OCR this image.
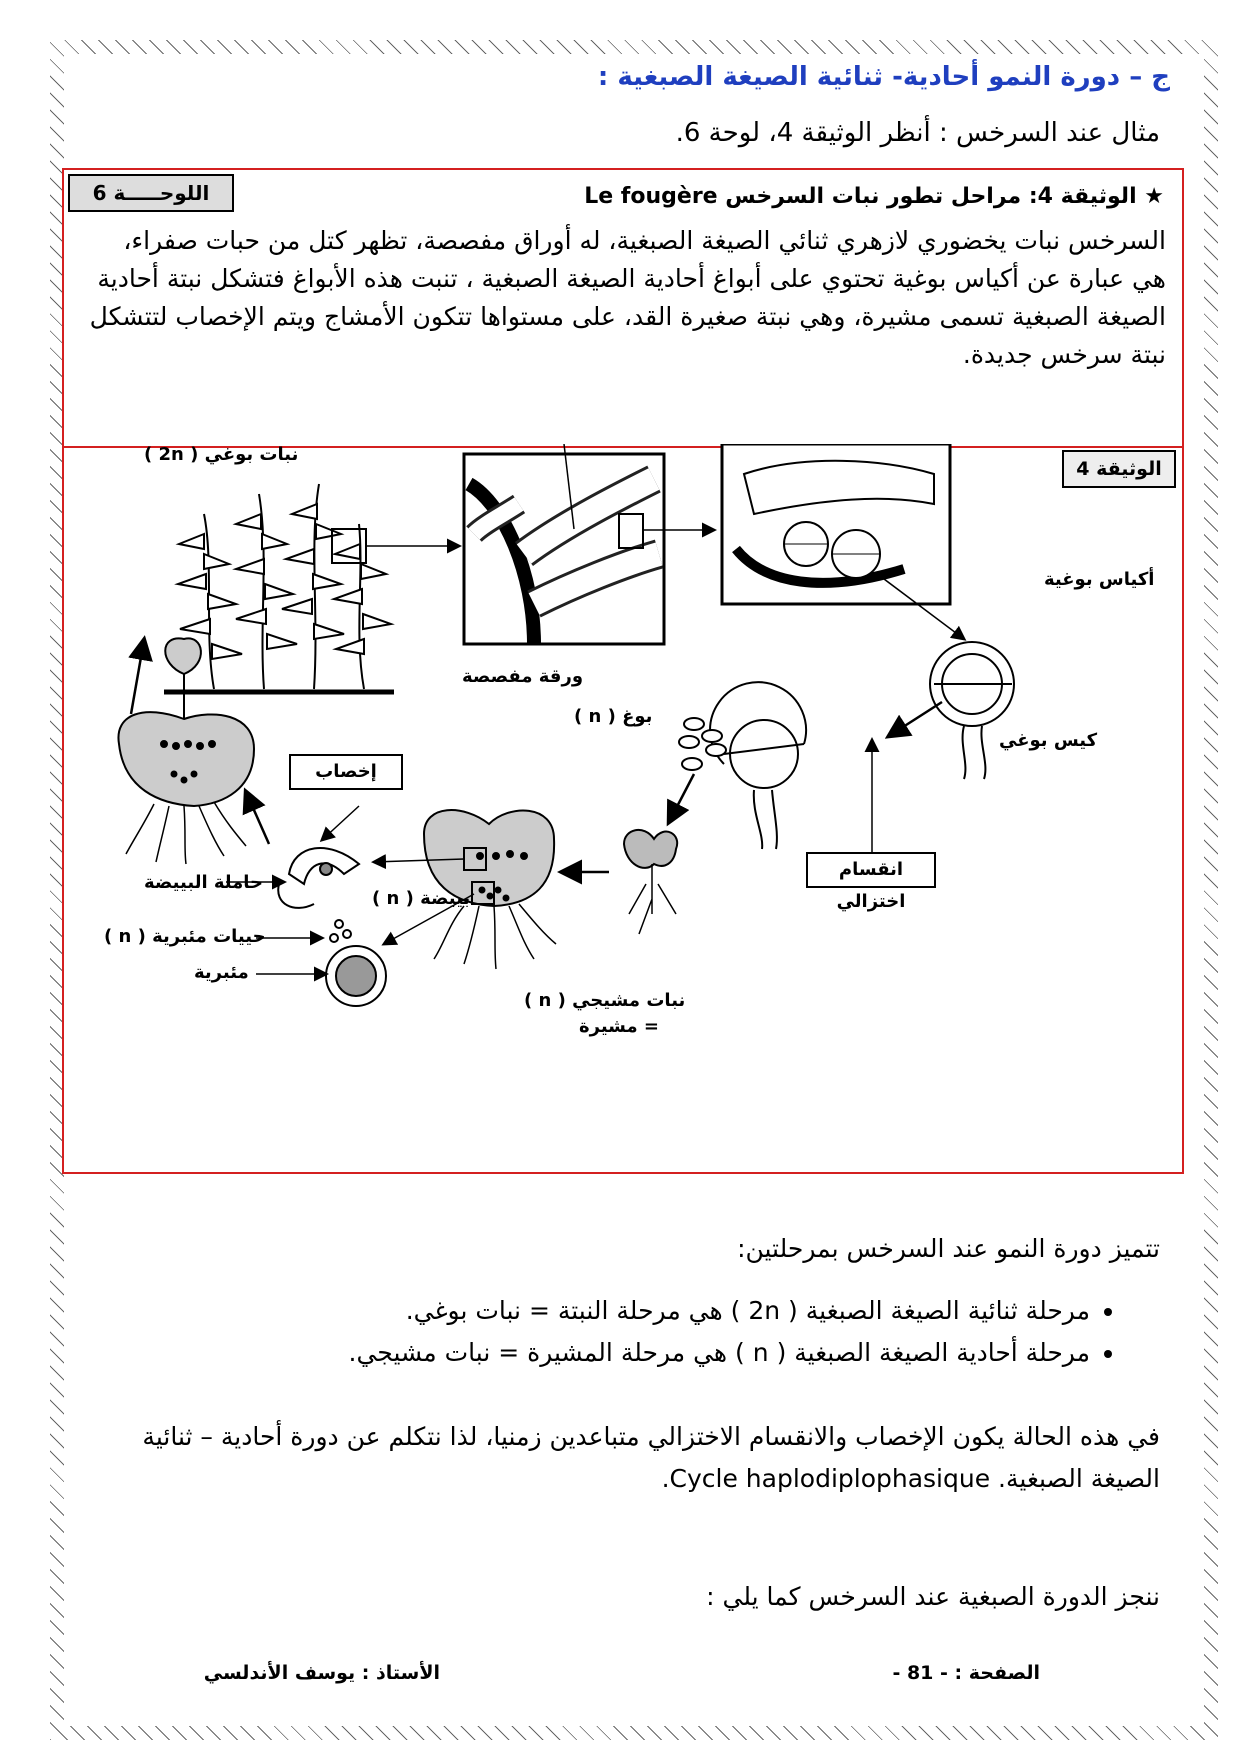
ج – دورة النمو أحادية- ثنائية الصيغة الصبغية :
مثال عند السرخس : أنظر الوثيقة 4، لوحة 6.
★ الوثيقة 4: مراحل تطور نبات السرخس Le fougère
اللوحـــــة 6
السرخس نبات يخضوري لازهري ثنائي الصيغة الصبغية، له أوراق مفصصة، تظهر كتل من حبات صفراء، هي عبارة عن أكياس بوغية تحتوي على أبواغ أحادية الصيغة الصبغية ، تنبت هذه الأبواغ فتشكل نبتة أحادية الصيغة الصبغية تسمى مشيرة، وهي نبتة صغيرة القد، على مستواها تتكون الأمشاج ويتم الإخصاب لتتشكل نبتة سرخس جديدة.
الوثيقة 4
نبات بوغي ( 2n )
ورقة مفصصة
أكياس بوغية
بوغ ( n )
كيس بوغي
انقسام اختزالي
إخصاب
حاملة البييضة
بييضة ( n )
حييات مئبرية ( n )
مئبرية
نبات مشيجي ( n )
= مشيرة
تتميز دورة النمو عند السرخس بمرحلتين:
• مرحلة ثنائية الصيغة الصبغية ( 2n ) هي مرحلة النبتة = نبات بوغي.
• مرحلة أحادية الصيغة الصبغية ( n ) هي مرحلة المشيرة = نبات مشيجي.
في هذه الحالة يكون الإخصاب والانقسام الاختزالي متباعدين زمنيا، لذا نتكلم عن دورة أحادية – ثنائية الصيغة الصبغية. Cycle haplodiplophasique.
ننجز الدورة الصبغية عند السرخس كما يلي :
الصفحة : - 81 -
الأستاذ : يوسف الأندلسي
